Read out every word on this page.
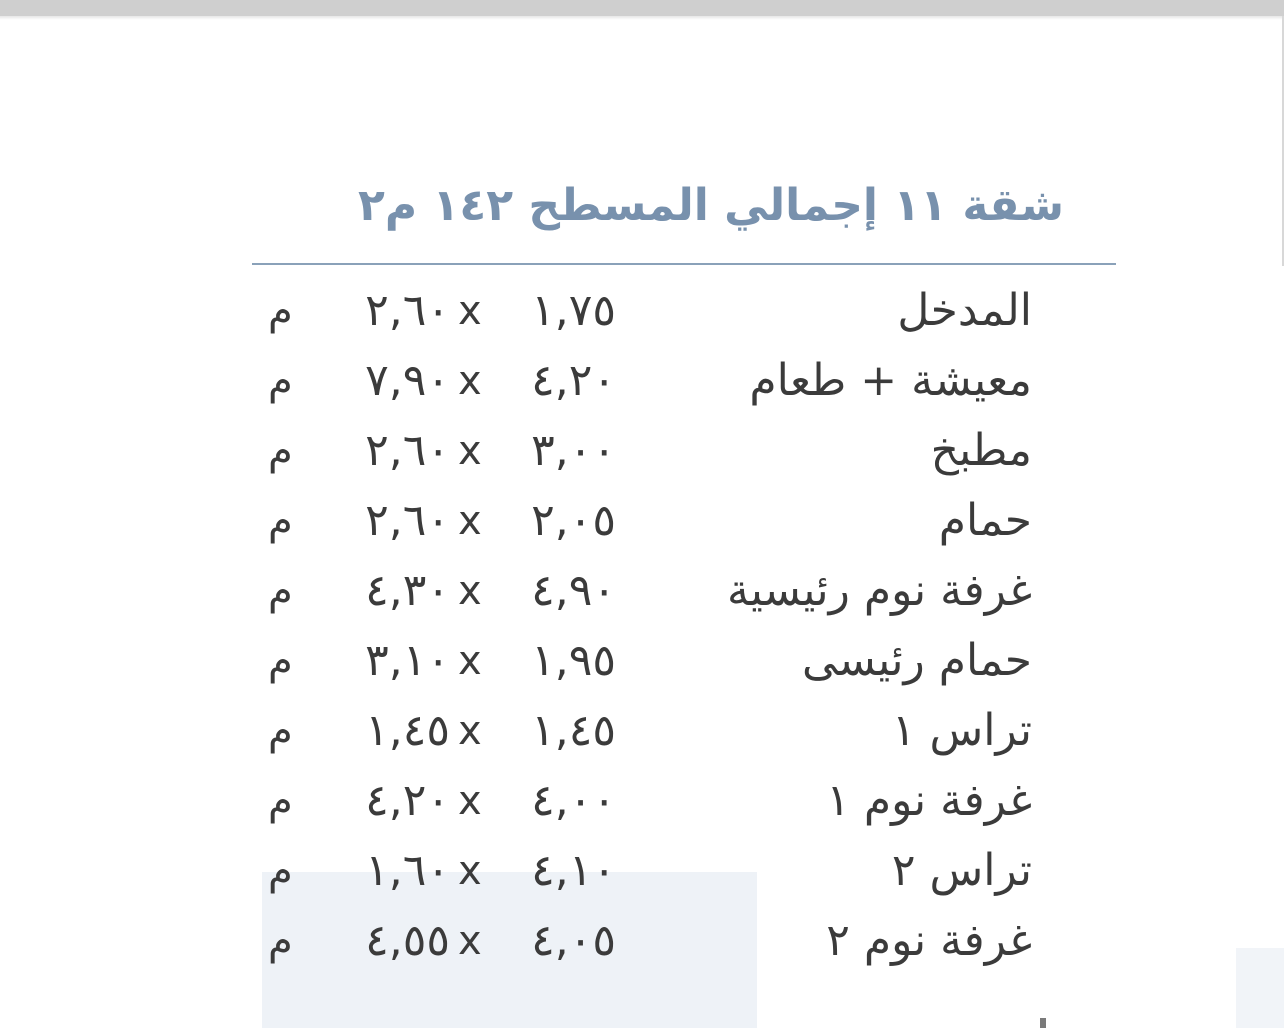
شقة ١١ إجمالي المسطح ١٤٢ م٢
المدخل
١,٧٥
x
٢,٦٠
م
معيشة + طعام
٤,٢٠
x
٧,٩٠
م
مطبخ
٣,٠٠
x
٢,٦٠
م
حمام
٢,٠٥
x
٢,٦٠
م
غرفة نوم رئيسية
٤,٩٠
x
٤,٣٠
م
حمام رئيسى
١,٩٥
x
٣,١٠
م
تراس ١
١,٤٥
x
١,٤٥
م
غرفة نوم ١
٤,٠٠
x
٤,٢٠
م
تراس ٢
٤,١٠
x
١,٦٠
م
غرفة نوم ٢
٤,٠٥
x
٤,٥٥
م
